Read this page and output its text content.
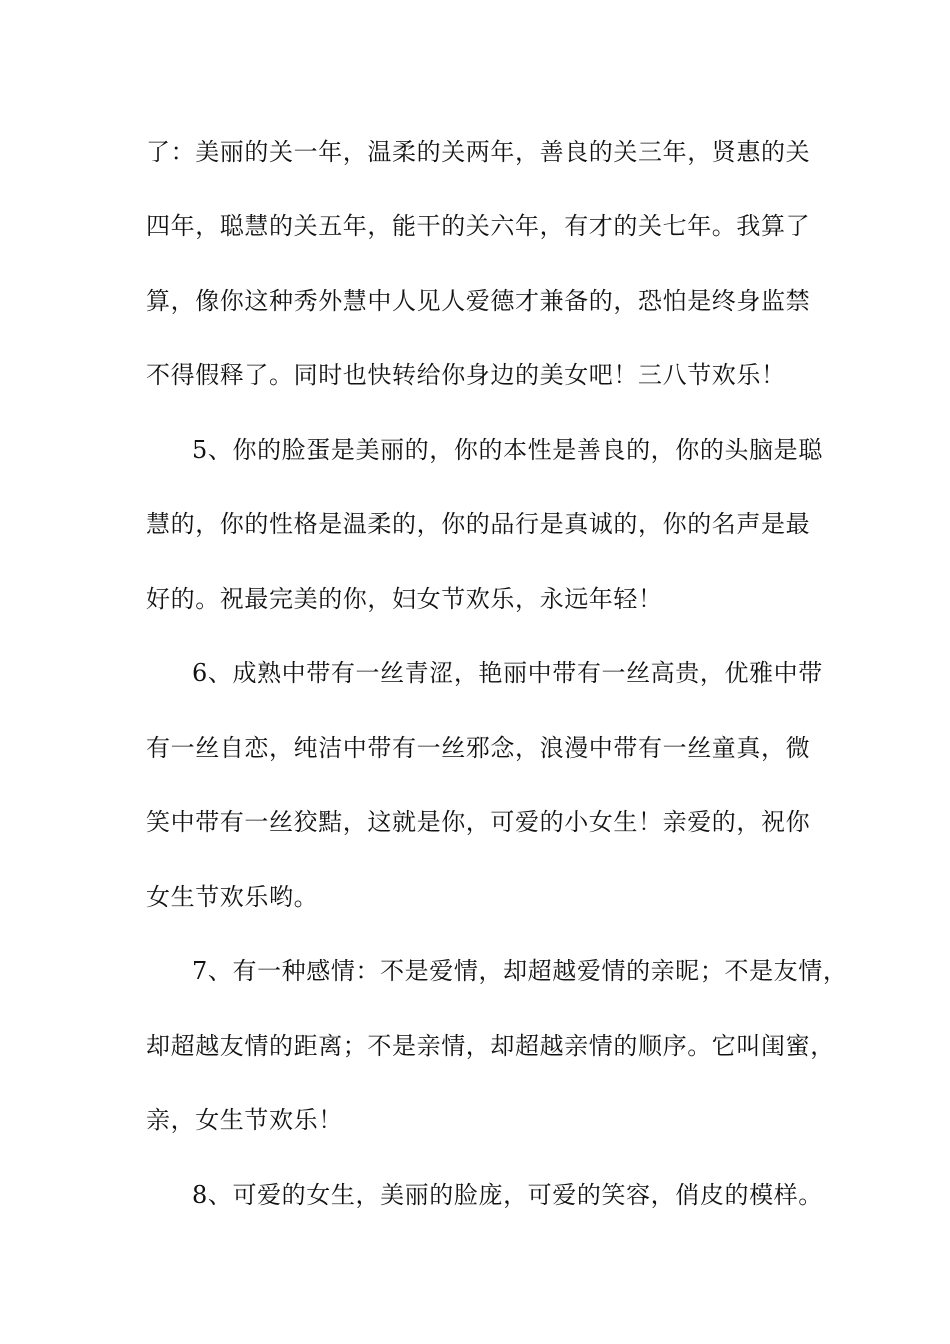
了：美丽的关一年，温柔的关两年，善良的关三年，贤惠的关
四年，聪慧的关五年，能干的关六年，有才的关七年。我算了
算，像你这种秀外慧中人见人爱德才兼备的，恐怕是终身监禁
不得假释了。同时也快转给你身边的美女吧！三八节欢乐！
5、你的脸蛋是美丽的，你的本性是善良的，你的头脑是聪
慧的，你的性格是温柔的，你的品行是真诚的，你的名声是最
好的。祝最完美的你，妇女节欢乐，永远年轻！
6、成熟中带有一丝青涩，艳丽中带有一丝高贵，优雅中带
有一丝自恋，纯洁中带有一丝邪念，浪漫中带有一丝童真，微
笑中带有一丝狡黠，这就是你，可爱的小女生！亲爱的，祝你
女生节欢乐哟。
7、有一种感情：不是爱情，却超越爱情的亲昵；不是友情，
却超越友情的距离；不是亲情，却超越亲情的顺序。它叫闺蜜，
亲，女生节欢乐！
8、可爱的女生，美丽的脸庞，可爱的笑容，俏皮的模样。
